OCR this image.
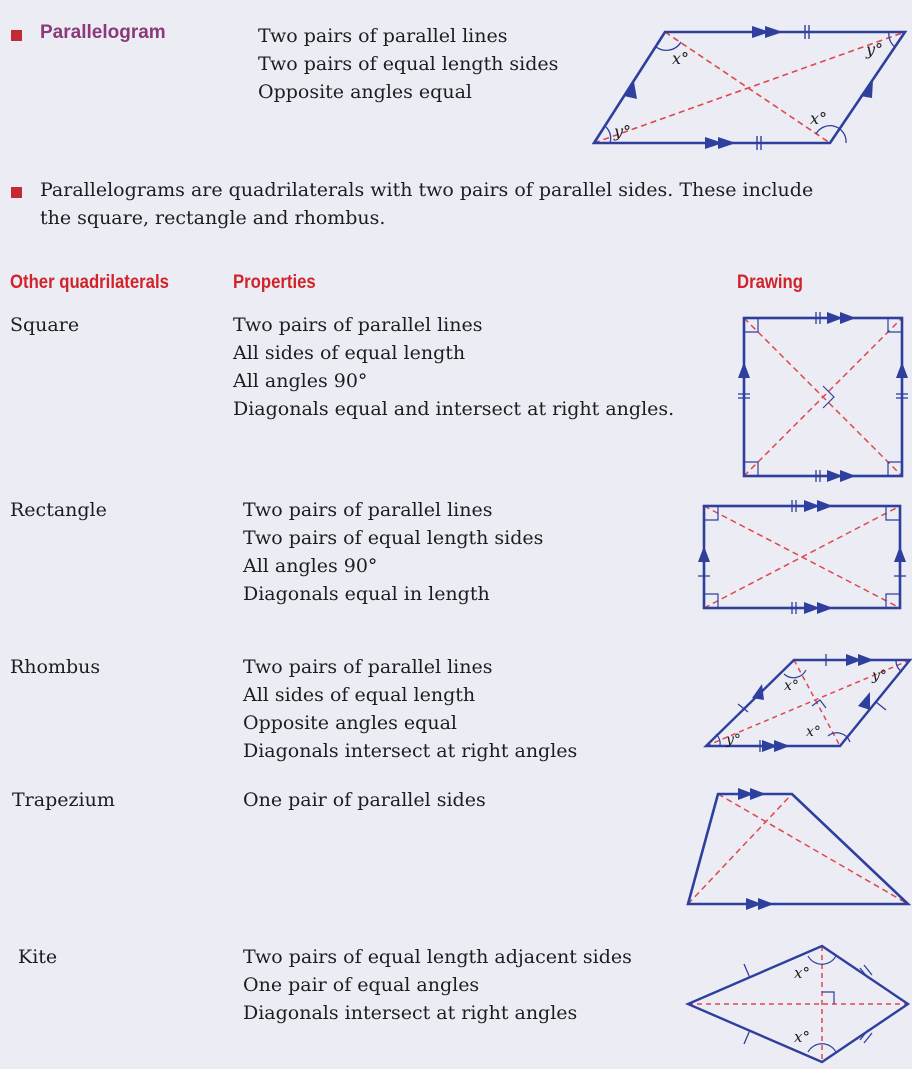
Parallelogram	Two pairs of parallel lines
Two pairs of equal length sides
Opposite angles equal
x°
x°
y°
y°
Parallelograms are quadrilaterals with two pairs of parallel sides. These include
the square, rectangle and rhombus.
Other quadrilaterals	Properties	Drawing
Square	Two pairs of parallel lines
All sides of equal length
All angles 90°
Diagonals equal and intersect at right angles.
Rectangle	Two pairs of parallel lines
Two pairs of equal length sides
All angles 90°
Diagonals equal in length
Rhombus	Two pairs of parallel lines
All sides of equal length
Opposite angles equal
Diagonals intersect at right angles
x°
x°
y°
y°
Trapezium	One pair of parallel sides
Kite	Two pairs of equal length adjacent sides
One pair of equal angles
Diagonals intersect at right angles
x°
x°
